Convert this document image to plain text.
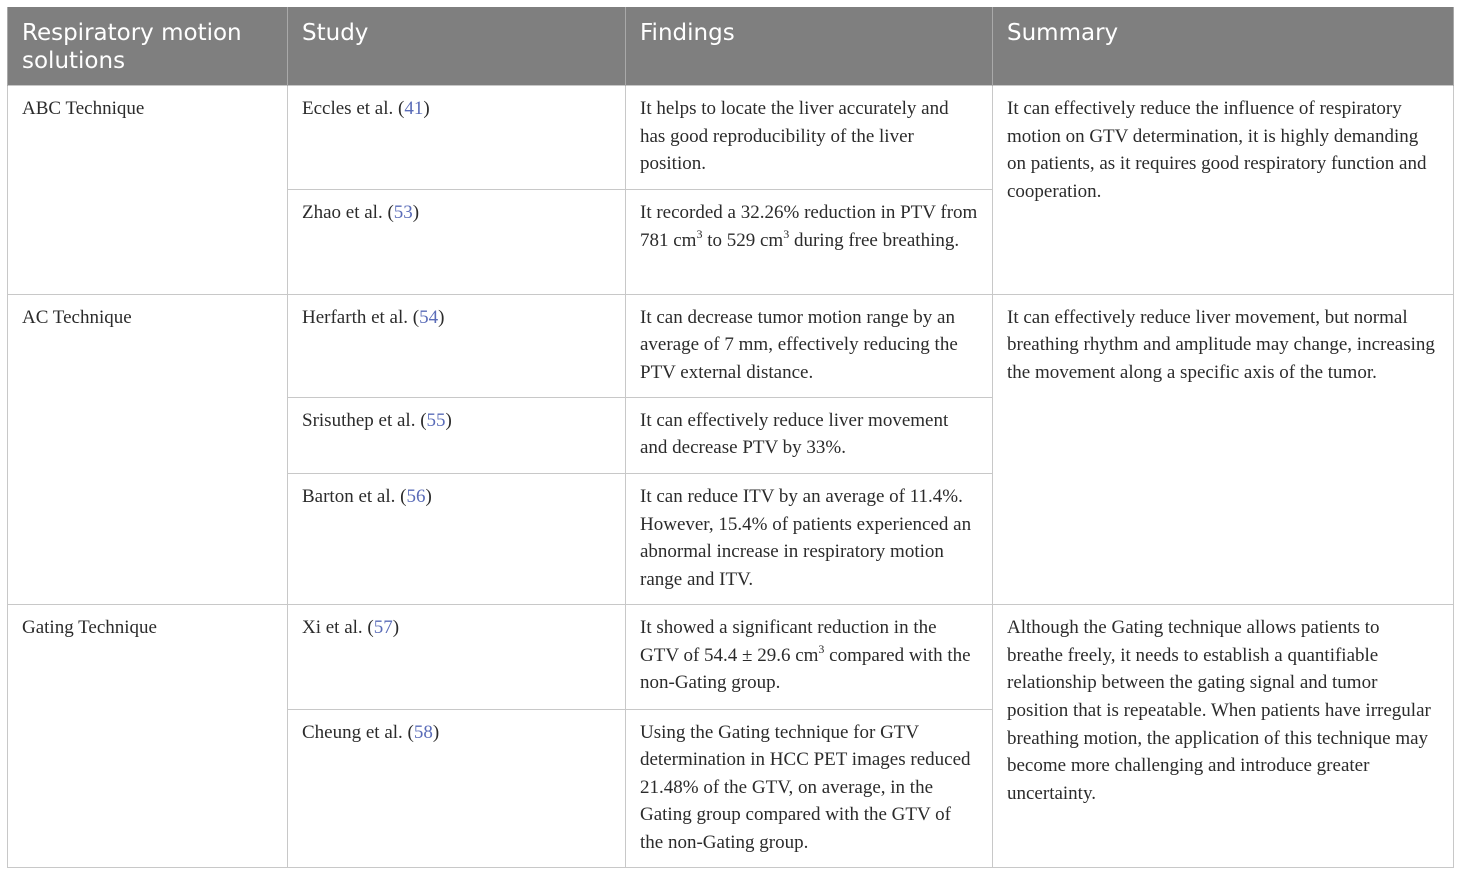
Respiratory motion solutions	Study	Findings	Summary
ABC Technique	Eccles et al. (41)	It helps to locate the liver accurately and has good reproducibility of the liver position.	It can effectively reduce the influence of respiratory motion on GTV determination, it is highly demanding on patients, as it requires good respiratory function and cooperation.
	Zhao et al. (53)	It recorded a 32.26% reduction in PTV from 781 $cm^3$ to 529 $cm^3$ during free breathing.	
AC Technique	Herfarth et al. (54)	It can decrease tumor motion range by an average of 7 mm, effectively reducing the PTV external distance.	It can effectively reduce liver movement, but normal breathing rhythm and amplitude may change, increasing the movement along a specific axis of the tumor.
	Srisuthep et al. (55)	It can effectively reduce liver movement and decrease PTV by 33%.	
	Barton et al. (56)	It can reduce ITV by an average of 11.4%. However, 15.4% of patients experienced an abnormal increase in respiratory motion range and ITV.	
Gating Technique	Xi et al. (57)	It showed a significant reduction in the GTV of 54.4 ± 29.6 $cm^3$ compared with the non-Gating group.	Although the Gating technique allows patients to breathe freely, it needs to establish a quantifiable relationship between the gating signal and tumor position that is repeatable. When patients have irregular breathing motion, the application of this technique may become more challenging and introduce greater uncertainty.
	Cheung et al. (58)	Using the Gating technique for GTV determination in HCC PET images reduced 21.48% of the GTV, on average, in the Gating group compared with the GTV of the non-Gating group.	
